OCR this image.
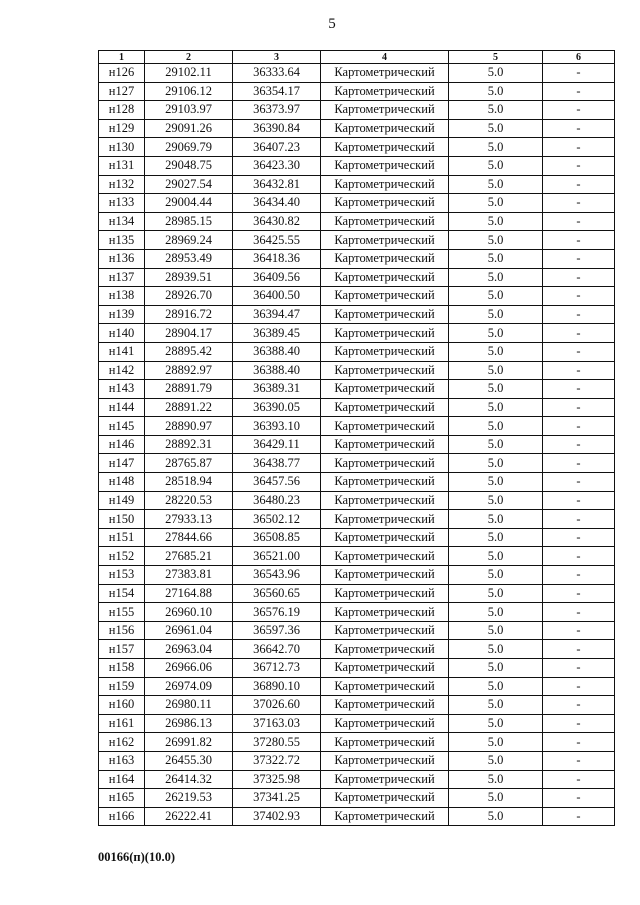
5
1	2	3	4	5	6
н126	29102.11	36333.64	Картометрический	5.0	-
н127	29106.12	36354.17	Картометрический	5.0	-
н128	29103.97	36373.97	Картометрический	5.0	-
н129	29091.26	36390.84	Картометрический	5.0	-
н130	29069.79	36407.23	Картометрический	5.0	-
н131	29048.75	36423.30	Картометрический	5.0	-
н132	29027.54	36432.81	Картометрический	5.0	-
н133	29004.44	36434.40	Картометрический	5.0	-
н134	28985.15	36430.82	Картометрический	5.0	-
н135	28969.24	36425.55	Картометрический	5.0	-
н136	28953.49	36418.36	Картометрический	5.0	-
н137	28939.51	36409.56	Картометрический	5.0	-
н138	28926.70	36400.50	Картометрический	5.0	-
н139	28916.72	36394.47	Картометрический	5.0	-
н140	28904.17	36389.45	Картометрический	5.0	-
н141	28895.42	36388.40	Картометрический	5.0	-
н142	28892.97	36388.40	Картометрический	5.0	-
н143	28891.79	36389.31	Картометрический	5.0	-
н144	28891.22	36390.05	Картометрический	5.0	-
н145	28890.97	36393.10	Картометрический	5.0	-
н146	28892.31	36429.11	Картометрический	5.0	-
н147	28765.87	36438.77	Картометрический	5.0	-
н148	28518.94	36457.56	Картометрический	5.0	-
н149	28220.53	36480.23	Картометрический	5.0	-
н150	27933.13	36502.12	Картометрический	5.0	-
н151	27844.66	36508.85	Картометрический	5.0	-
н152	27685.21	36521.00	Картометрический	5.0	-
н153	27383.81	36543.96	Картометрический	5.0	-
н154	27164.88	36560.65	Картометрический	5.0	-
н155	26960.10	36576.19	Картометрический	5.0	-
н156	26961.04	36597.36	Картометрический	5.0	-
н157	26963.04	36642.70	Картометрический	5.0	-
н158	26966.06	36712.73	Картометрический	5.0	-
н159	26974.09	36890.10	Картометрический	5.0	-
н160	26980.11	37026.60	Картометрический	5.0	-
н161	26986.13	37163.03	Картометрический	5.0	-
н162	26991.82	37280.55	Картометрический	5.0	-
н163	26455.30	37322.72	Картометрический	5.0	-
н164	26414.32	37325.98	Картометрический	5.0	-
н165	26219.53	37341.25	Картометрический	5.0	-
н166	26222.41	37402.93	Картометрический	5.0	-
00166(п)(10.0)
